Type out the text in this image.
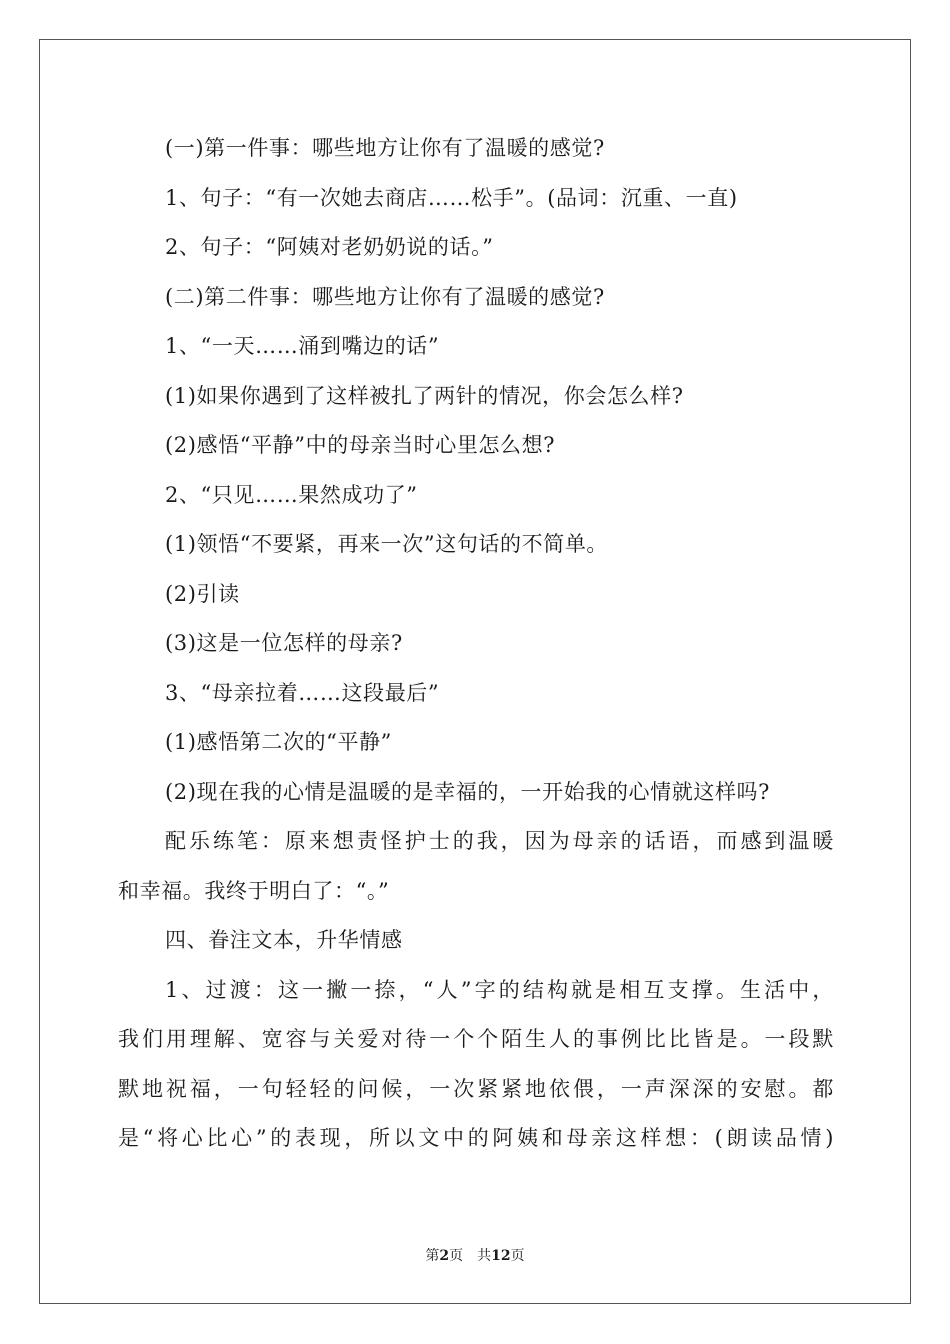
(一)第一件事：哪些地方让你有了温暖的感觉?
1、句子：“有一次她去商店……松手”。(品词：沉重、一直)
2、句子：“阿姨对老奶奶说的话。”
(二)第二件事：哪些地方让你有了温暖的感觉?
1、“一天……涌到嘴边的话”
(1)如果你遇到了这样被扎了两针的情况，你会怎么样?
(2)感悟“平静”中的母亲当时心里怎么想?
2、“只见……果然成功了”
(1)领悟“不要紧，再来一次”这句话的不简单。
(2)引读
(3)这是一位怎样的母亲?
3、“母亲拉着……这段最后”
(1)感悟第二次的“平静”
(2)现在我的心情是温暖的是幸福的，一开始我的心情就这样吗?
配乐练笔：原来想责怪护士的我，因为母亲的话语，而感到温暖
和幸福。我终于明白了：“。”
四、眷注文本，升华情感
1、过渡：这一撇一捺，“人”字的结构就是相互支撑。生活中，
我们用理解、宽容与关爱对待一个个陌生人的事例比比皆是。一段默
默地祝福，一句轻轻的问候，一次紧紧地依偎，一声深深的安慰。都
是“将心比心”的表现，所以文中的阿姨和母亲这样想：(朗读品情)
第2页　共12页
